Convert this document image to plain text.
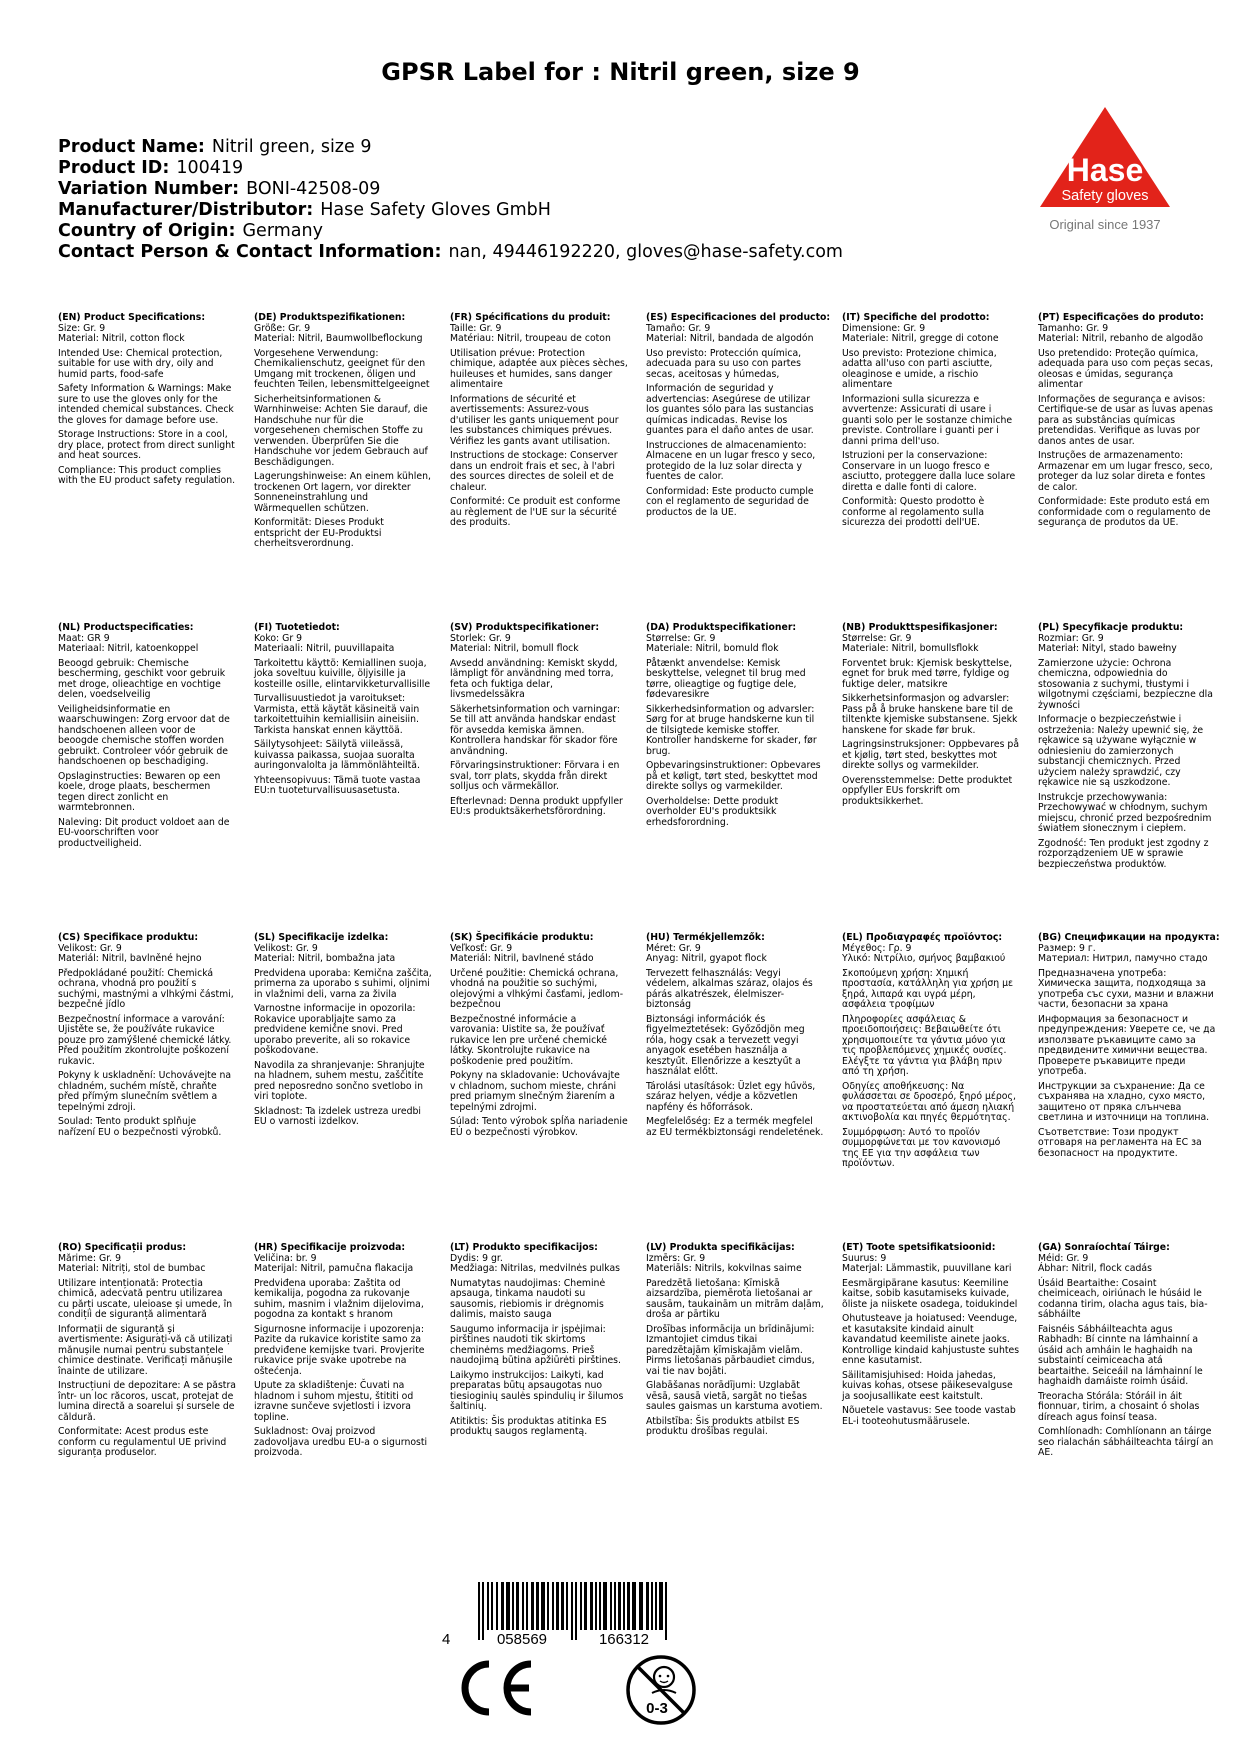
GPSR Label for : Nitril green, size 9
Product Name: Nitril green, size 9
Product ID: 100419
Variation Number: BONI-42508-09
Manufacturer/Distributor: Hase Safety Gloves GmbH
Country of Origin: Germany
Contact Person & Contact Information: nan, 49446192220, gloves@hase-safety.com
Hase
Safety gloves
Original since 1937
(EN) Product Specifications:

Size: Gr. 9

Material: Nitril, cotton flock

Intended Use: Chemical protection, suitable for use with dry, oily and humid parts, food-safe

Safety Information & Warnings: Make sure to use the gloves only for the intended chemical substances. Check the gloves for damage before use.

Storage Instructions: Store in a cool, dry place, protect from direct sunlight and heat sources.

Compliance: This product complies with the EU product safety regulation.

(DE) Produktspezifikationen:

Größe: Gr. 9

Material: Nitril, Baumwollbeflockung

Vorgesehene Verwendung: Chemikalienschutz, geeignet für den Umgang mit trockenen, öligen und feuchten Teilen, lebensmittelgeeignet

Sicherheitsinformationen & Warnhinweise: Achten Sie darauf, die Handschuhe nur für die vorgesehenen chemischen Stoffe zu verwenden. Überprüfen Sie die Handschuhe vor jedem Gebrauch auf Beschädigungen.

Lagerungshinweise: An einem kühlen, trockenen Ort lagern, vor direkter Sonneneinstrahlung und Wärmequellen schützen.

Konformität: Dieses Produkt entspricht der EU-Produktsi cherheitsverordnung.

(FR) Spécifications du produit:

Taille: Gr. 9

Matériau: Nitril, troupeau de coton

Utilisation prévue: Protection chimique, adaptée aux pièces sèches, huileuses et humides, sans danger alimentaire

Informations de sécurité et avertissements: Assurez-vous d'utiliser les gants uniquement pour les substances chimiques prévues. Vérifiez les gants avant utilisation.

Instructions de stockage: Conserver dans un endroit frais et sec, à l'abri des sources directes de soleil et de chaleur.

Conformité: Ce produit est conforme au règlement de l'UE sur la sécurité des produits.

(ES) Especificaciones del producto:

Tamaño: Gr. 9

Material: Nitril, bandada de algodón

Uso previsto: Protección química, adecuada para su uso con partes secas, aceitosas y húmedas,

Información de seguridad y advertencias: Asegúrese de utilizar los guantes sólo para las sustancias químicas indicadas. Revise los guantes para el daño antes de usar.

Instrucciones de almacenamiento: Almacene en un lugar fresco y seco, protegido de la luz solar directa y fuentes de calor.

Conformidad: Este producto cumple con el reglamento de seguridad de productos de la UE.

(IT) Specifiche del prodotto:

Dimensione: Gr. 9

Materiale: Nitril, gregge di cotone

Uso previsto: Protezione chimica, adatta all'uso con parti asciutte, oleaginose e umide, a rischio alimentare

Informazioni sulla sicurezza e avvertenze: Assicurati di usare i guanti solo per le sostanze chimiche previste. Controllare i guanti per i danni prima dell'uso.

Istruzioni per la conservazione: Conservare in un luogo fresco e asciutto, proteggere dalla luce solare diretta e dalle fonti di calore.

Conformità: Questo prodotto è conforme al regolamento sulla sicurezza dei prodotti dell'UE.

(PT) Especificações do produto:

Tamanho: Gr. 9

Material: Nitril, rebanho de algodão

Uso pretendido: Proteção química, adequada para uso com peças secas, oleosas e úmidas, segurança alimentar

Informações de segurança e avisos: Certifique-se de usar as luvas apenas para as substâncias químicas pretendidas. Verifique as luvas por danos antes de usar.

Instruções de armazenamento: Armazenar em um lugar fresco, seco, proteger da luz solar direta e fontes de calor.

Conformidade: Este produto está em conformidade com o regulamento de segurança de produtos da UE.

(NL) Productspecificaties:

Maat: GR 9

Materiaal: Nitril, katoenkoppel

Beoogd gebruik: Chemische bescherming, geschikt voor gebruik met droge, olieachtige en vochtige delen, voedselveilig

Veiligheidsinformatie en waarschuwingen: Zorg ervoor dat de handschoenen alleen voor de beoogde chemische stoffen worden gebruikt. Controleer vóór gebruik de handschoenen op beschadiging.

Opslaginstructies: Bewaren op een koele, droge plaats, beschermen tegen direct zonlicht en warmtebronnen.

Naleving: Dit product voldoet aan de EU-voorschriften voor productveiligheid.

(FI) Tuotetiedot:

Koko: Gr 9

Materiaali: Nitril, puuvillapaita

Tarkoitettu käyttö: Kemiallinen suoja, joka soveltuu kuiville, öljyisille ja kosteille osille, elintarvikketurvallisille

Turvallisuustiedot ja varoitukset: Varmista, että käytät käsineitä vain tarkoitettuihin kemiallisiin aineisiin. Tarkista hanskat ennen käyttöä.

Säilytysohjeet: Säilytä viileässä, kuivassa paikassa, suojaa suoralta auringonvalolta ja lämmönlähteiltä.

Yhteensopivuus: Tämä tuote vastaa EU:n tuoteturvallisuusasetusta.

(SV) Produktspecifikationer:

Storlek: Gr. 9

Material: Nitril, bomull flock

Avsedd användning: Kemiskt skydd, lämpligt för användning med torra, feta och fuktiga delar, livsmedelssäkra

Säkerhetsinformation och varningar: Se till att använda handskar endast för avsedda kemiska ämnen. Kontrollera handskar för skador före användning.

Förvaringsinstruktioner: Förvara i en sval, torr plats, skydda från direkt solljus och värmekällor.

Efterlevnad: Denna produkt uppfyller EU:s produktsäkerhetsförordning.

(DA) Produktspecifikationer:

Størrelse: Gr. 9

Materiale: Nitril, bomuld flok

Påtænkt anvendelse: Kemisk beskyttelse, velegnet til brug med tørre, olieagtige og fugtige dele, fødevaresikre

Sikkerhedsinformation og advarsler: Sørg for at bruge handskerne kun til de tilsigtede kemiske stoffer. Kontroller handskerne for skader, før brug.

Opbevaringsinstruktioner: Opbevares på et køligt, tørt sted, beskyttet mod direkte sollys og varmekilder.

Overholdelse: Dette produkt overholder EU's produktsikk erhedsforordning.

(NB) Produkttspesifikasjoner:

Størrelse: Gr. 9

Materiale: Nitril, bomullsflokk

Forventet bruk: Kjemisk beskyttelse, egnet for bruk med tørre, fyldige og fuktige deler, matsikre

Sikkerhetsinformasjon og advarsler: Pass på å bruke hanskene bare til de tiltenkte kjemiske substansene. Sjekk hanskene for skade før bruk.

Lagringsinstruksjoner: Oppbevares på et kjølig, tørt sted, beskyttes mot direkte sollys og varmekilder.

Overensstemmelse: Dette produktet oppfyller EUs forskrift om produktsikkerhet.

(PL) Specyfikacje produktu:

Rozmiar: Gr. 9

Materiał: Nityl, stado bawełny

Zamierzone użycie: Ochrona chemiczna, odpowiednia do stosowania z suchymi, tłustymi i wilgotnymi częściami, bezpieczne dla żywności

Informacje o bezpieczeństwie i ostrzeżenia: Należy upewnić się, że rękawice są używane wyłącznie w odniesieniu do zamierzonych substancji chemicznych. Przed użyciem należy sprawdzić, czy rękawice nie są uszkodzone.

Instrukcje przechowywania: Przechowywać w chłodnym, suchym miejscu, chronić przed bezpośrednim światłem słonecznym i ciepłem.

Zgodność: Ten produkt jest zgodny z rozporządzeniem UE w sprawie bezpieczeństwa produktów.

(CS) Specifikace produktu:

Velikost: Gr. 9

Materiál: Nitril, bavlněné hejno

Předpokládané použití: Chemická ochrana, vhodná pro použití s suchými, mastnými a vlhkými částmi, bezpečné jídlo

Bezpečnostní informace a varování: Ujistěte se, že používáte rukavice pouze pro zamýšlené chemické látky. Před použitím zkontrolujte poškození rukavic.

Pokyny k uskladnění: Uchovávejte na chladném, suchém místě, chraňte před přímým slunečním světlem a tepelnými zdroji.

Soulad: Tento produkt splňuje nařízení EU o bezpečnosti výrobků.

(SL) Specifikacije izdelka:

Velikost: Gr. 9

Material: Nitril, bombažna jata

Predvidena uporaba: Kemična zaščita, primerna za uporabo s suhimi, oljnimi in vlažnimi deli, varna za živila

Varnostne informacije in opozorila: Rokavice uporabljajte samo za predvidene kemične snovi. Pred uporabo preverite, ali so rokavice poškodovane.

Navodila za shranjevanje: Shranjujte na hladnem, suhem mestu, zaščitite pred neposredno sončno svetlobo in viri toplote.

Skladnost: Ta izdelek ustreza uredbi EU o varnosti izdelkov.

(SK) Špecifikácie produktu:

Veľkosť: Gr. 9

Materiál: Nitril, bavlnené stádo

Určené použitie: Chemická ochrana, vhodná na použitie so suchými, olejovými a vlhkými časťami, jedlom-bezpečnou

Bezpečnostné informácie a varovania: Uistite sa, že používať rukavice len pre určené chemické látky. Skontrolujte rukavice na poškodenie pred použitím.

Pokyny na skladovanie: Uchovávajte v chladnom, suchom mieste, chráni pred priamym slnečným žiarením a tepelnými zdrojmi.

Súlad: Tento výrobok spĺňa nariadenie EÚ o bezpečnosti výrobkov.

(HU) Termékjellemzők:

Méret: Gr. 9

Anyag: Nitril, gyapot flock

Tervezett felhasználás: Vegyi védelem, alkalmas száraz, olajos és párás alkatrészek, élelmiszer-biztonság

Biztonsági információk és figyelmeztetések: Győződjön meg róla, hogy csak a tervezett vegyi anyagok esetében használja a kesztyűt. Ellenőrizze a kesztyűt a használat előtt.

Tárolási utasítások: Üzlet egy hűvös, száraz helyen, védje a közvetlen napfény és hőforrások.

Megfelelőség: Ez a termék megfelel az EU termékbiztonsági rendeletének.

(EL) Προδιαγραφές προϊόντος:

Μέγεθος: Γρ. 9

Υλικό: Νιτρίλιο, σμήνος βαμβακιού

Σκοπούμενη χρήση: Χημική προστασία, κατάλληλη για χρήση με ξηρά, λιπαρά και υγρά μέρη, ασφάλεια τροφίμων

Πληροφορίες ασφάλειας & προειδοποιήσεις: Βεβαιωθείτε ότι χρησιμοποιείτε τα γάντια μόνο για τις προβλεπόμενες χημικές ουσίες. Ελέγξτε τα γάντια για βλάβη πριν από τη χρήση.

Οδηγίες αποθήκευσης: Να φυλάσσεται σε δροσερό, ξηρό μέρος, να προστατεύεται από άμεση ηλιακή ακτινοβολία και πηγές θερμότητας.

Συμμόρφωση: Αυτό το προϊόν συμμορφώνεται με τον κανονισμό της ΕΕ για την ασφάλεια των προϊόντων.

(BG) Спецификации на продукта:

Размер: 9 г.

Материал: Нитрил, памучно стадо

Предназначена употреба: Химическа защита, подходяща за употреба със сухи, мазни и влажни части, безопасни за храна

Информация за безопасност и предупреждения: Уверете се, че да използвате ръкавиците само за предвидените химични вещества. Проверете ръкавиците преди употреба.

Инструкции за съхранение: Да се съхранява на хладно, сухо място, защитено от пряка слънчева светлина и източници на топлина.

Съответствие: Този продукт отговаря на регламента на ЕС за безопасност на продуктите.

(RO) Specificații produs:

Mărime: Gr. 9

Material: Nitriți, stol de bumbac

Utilizare intenționată: Protecția chimică, adecvată pentru utilizarea cu părți uscate, uleioase și umede, în condiții de siguranță alimentară

Informații de siguranță și avertismente: Asigurați-vă că utilizați mănușile numai pentru substanțele chimice destinate. Verificați mănușile înainte de utilizare.

Instrucțiuni de depozitare: A se păstra într- un loc răcoros, uscat, protejat de lumina directă a soarelui și sursele de căldură.

Conformitate: Acest produs este conform cu regulamentul UE privind siguranța produselor.

(HR) Specifikacije proizvoda:

Veličina: br. 9

Materijal: Nitril, pamučna flakacija

Predviđena uporaba: Zaštita od kemikalija, pogodna za rukovanje suhim, masnim i vlažnim dijelovima, pogodna za kontakt s hranom

Sigurnosne informacije i upozorenja: Pazite da rukavice koristite samo za predviđene kemijske tvari. Provjerite rukavice prije svake upotrebe na oštećenja.

Upute za skladištenje: Čuvati na hladnom i suhom mjestu, štititi od izravne sunčeve svjetlosti i izvora topline.

Sukladnost: Ovaj proizvod zadovoljava uredbu EU-a o sigurnosti proizvoda.

(LT) Produkto specifikacijos:

Dydis: 9 gr.

Medžiaga: Nitrilas, medvilnės pulkas

Numatytas naudojimas: Cheminė apsauga, tinkama naudoti su sausomis, riebiomis ir drėgnomis dalimis, maisto sauga

Saugumo informacija ir įspėjimai: pirštines naudoti tik skirtoms cheminėms medžiagoms. Prieš naudojimą būtina apžiūrėti pirštines.

Laikymo instrukcijos: Laikyti, kad preparatas būtų apsaugotas nuo tiesioginių saulės spindulių ir šilumos šaltinių.

Atitiktis: Šis produktas atitinka ES produktų saugos reglamentą.

(LV) Produkta specifikācijas:

Izmērs: Gr. 9

Materiāls: Nitrils, kokvilnas saime

Paredzētā lietošana: Ķīmiskā aizsardzība, piemērota lietošanai ar sausām, taukainām un mitrām daļām, droša ar pārtiku

Drošības informācija un brīdinājumi: Izmantojiet cimdus tikai paredzētajām ķīmiskajām vielām. Pirms lietošanas pārbaudiet cimdus, vai tie nav bojāti.

Glabāšanas norādījumi: Uzglabāt vēsā, sausā vietā, sargāt no tiešas saules gaismas un karstuma avotiem.

Atbilstība: Šis produkts atbilst ES produktu drošības regulai.

(ET) Toote spetsifikatsioonid:

Suurus: 9

Materjal: Lämmastik, puuvillane kari

Eesmärgipärane kasutus: Keemiline kaitse, sobib kasutamiseks kuivade, õliste ja niiskete osadega, toidukindel

Ohutusteave ja hoiatused: Veenduge, et kasutaksite kindaid ainult kavandatud keemiliste ainete jaoks. Kontrollige kindaid kahjustuste suhtes enne kasutamist.

Säilitamisjuhised: Hoida jahedas, kuivas kohas, otsese päikesevalguse ja soojusallikate eest kaitstult.

Nõuetele vastavus: See toode vastab EL-i tooteohutusmäärusele.

(GA) Sonraíochtaí Táirge:

Méid: Gr. 9

Ábhar: Nitril, flock cadás

Úsáid Beartaithe: Cosaint cheimiceach, oiriúnach le húsáid le codanna tirim, olacha agus tais, bia-sábháilte

Faisnéis Sábháilteachta agus Rabhadh: Bí cinnte na lámhainní a úsáid ach amháin le haghaidh na substaintí ceimiceacha atá beartaithe. Seiceáil na lámhainní le haghaidh damáiste roimh úsáid.

Treoracha Stórála: Stóráil in áit fionnuar, tirim, a chosaint ó sholas díreach agus foinsí teasa.

Comhlíonadh: Comhlíonann an táirge seo rialachán sábháilteachta táirgí an AE.

4	058569	166312
0-3
